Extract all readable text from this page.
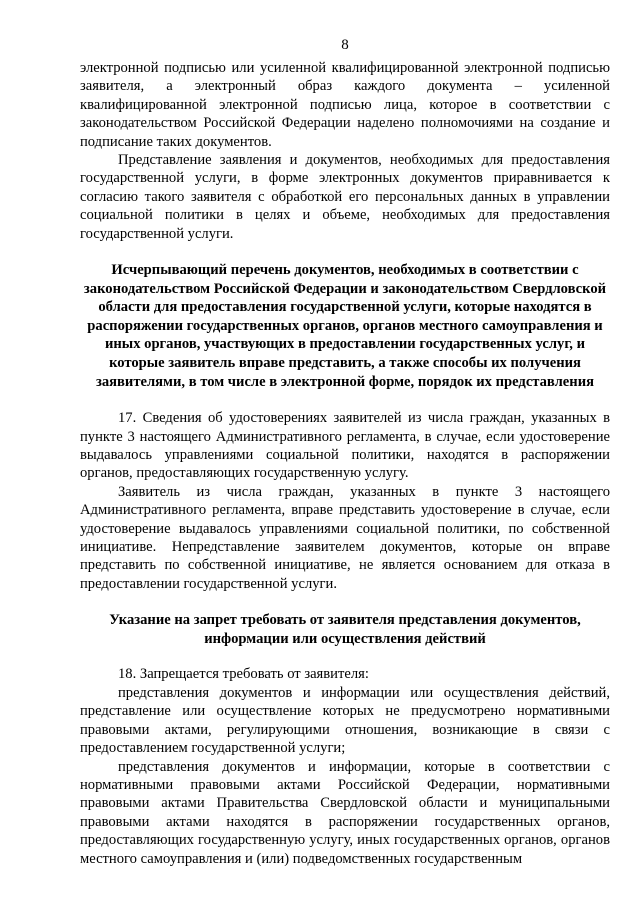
8

электронной подписью или усиленной квалифицированной электронной подписью заявителя, а электронный образ каждого документа – усиленной квалифицированной электронной подписью лица, которое в соответствии с законодательством Российской Федерации наделено полномочиями на создание и подписание таких документов.

Представление заявления и документов, необходимых для предоставления государственной услуги, в форме электронных документов приравнивается к согласию такого заявителя с обработкой его персональных данных в управлении социальной политики в целях и объеме, необходимых для предоставления государственной услуги.

Исчерпывающий перечень документов, необходимых в соответствии с законодательством Российской Федерации и законодательством Свердловской области для предоставления государственной услуги, которые находятся в распоряжении государственных органов, органов местного самоуправления и иных органов, участвующих в предоставлении государственных услуг, и которые заявитель вправе представить, а также способы их получения заявителями, в том числе в электронной форме, порядок их представления

17. Сведения об удостоверениях заявителей из числа граждан, указанных в пункте 3 настоящего Административного регламента, в случае, если удостоверение выдавалось управлениями социальной политики, находятся в распоряжении органов, предоставляющих государственную услугу.

Заявитель из числа граждан, указанных в пункте 3 настоящего Административного регламента, вправе представить удостоверение в случае, если удостоверение выдавалось управлениями социальной политики, по собственной инициативе. Непредставление заявителем документов, которые он вправе представить по собственной инициативе, не является основанием для отказа в предоставлении государственной услуги.

Указание на запрет требовать от заявителя представления документов, информации или осуществления действий

18. Запрещается требовать от заявителя:

представления документов и информации или осуществления действий, представление или осуществление которых не предусмотрено нормативными правовыми актами, регулирующими отношения, возникающие в связи с предоставлением государственной услуги;

представления документов и информации, которые в соответствии с нормативными правовыми актами Российской Федерации, нормативными правовыми актами Правительства Свердловской области и муниципальными правовыми актами находятся в распоряжении государственных органов, предоставляющих государственную услугу, иных государственных органов, органов местного самоуправления и (или) подведомственных государственным
